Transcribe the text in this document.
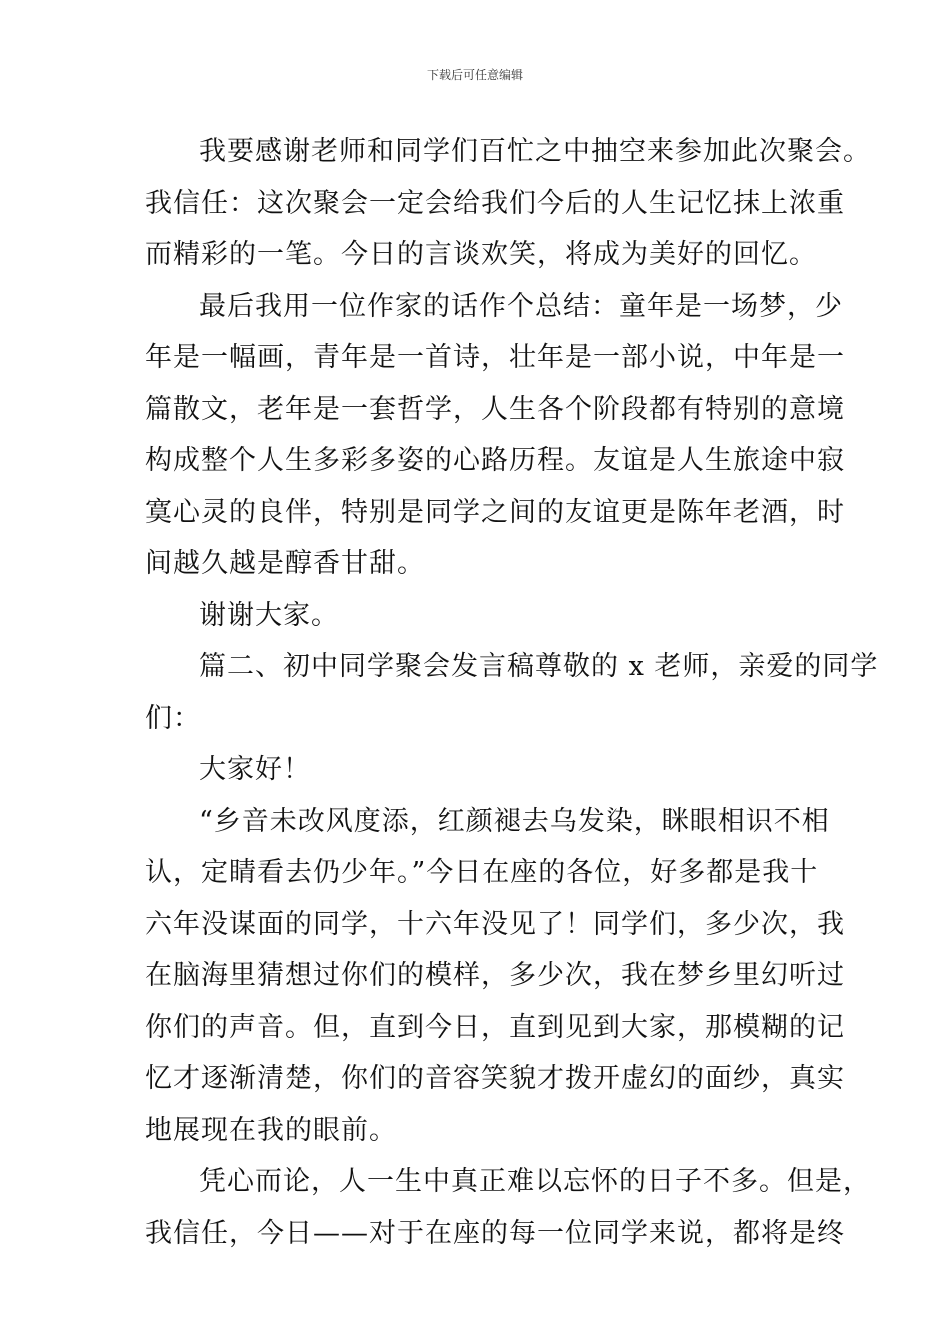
下载后可任意编辑
我要感谢老师和同学们百忙之中抽空来参加此次聚会。
我信任：这次聚会一定会给我们今后的人生记忆抹上浓重
而精彩的一笔。今日的言谈欢笑，将成为美好的回忆。
最后我用一位作家的话作个总结：童年是一场梦，少
年是一幅画，青年是一首诗，壮年是一部小说，中年是一
篇散文，老年是一套哲学，人生各个阶段都有特别的意境
构成整个人生多彩多姿的心路历程。友谊是人生旅途中寂
寞心灵的良伴，特别是同学之间的友谊更是陈年老酒，时
间越久越是醇香甘甜。
谢谢大家。
篇二、初中同学聚会发言稿尊敬的 x 老师，亲爱的同学
们：
大家好！
“乡音未改风度添，红颜褪去乌发染，眯眼相识不相
认，定睛看去仍少年。”今日在座的各位，好多都是我十
六年没谋面的同学，十六年没见了！同学们，多少次，我
在脑海里猜想过你们的模样，多少次，我在梦乡里幻听过
你们的声音。但，直到今日，直到见到大家，那模糊的记
忆才逐渐清楚，你们的音容笑貌才拨开虚幻的面纱，真实
地展现在我的眼前。
凭心而论，人一生中真正难以忘怀的日子不多。但是，
我信任，今日——对于在座的每一位同学来说，都将是终
